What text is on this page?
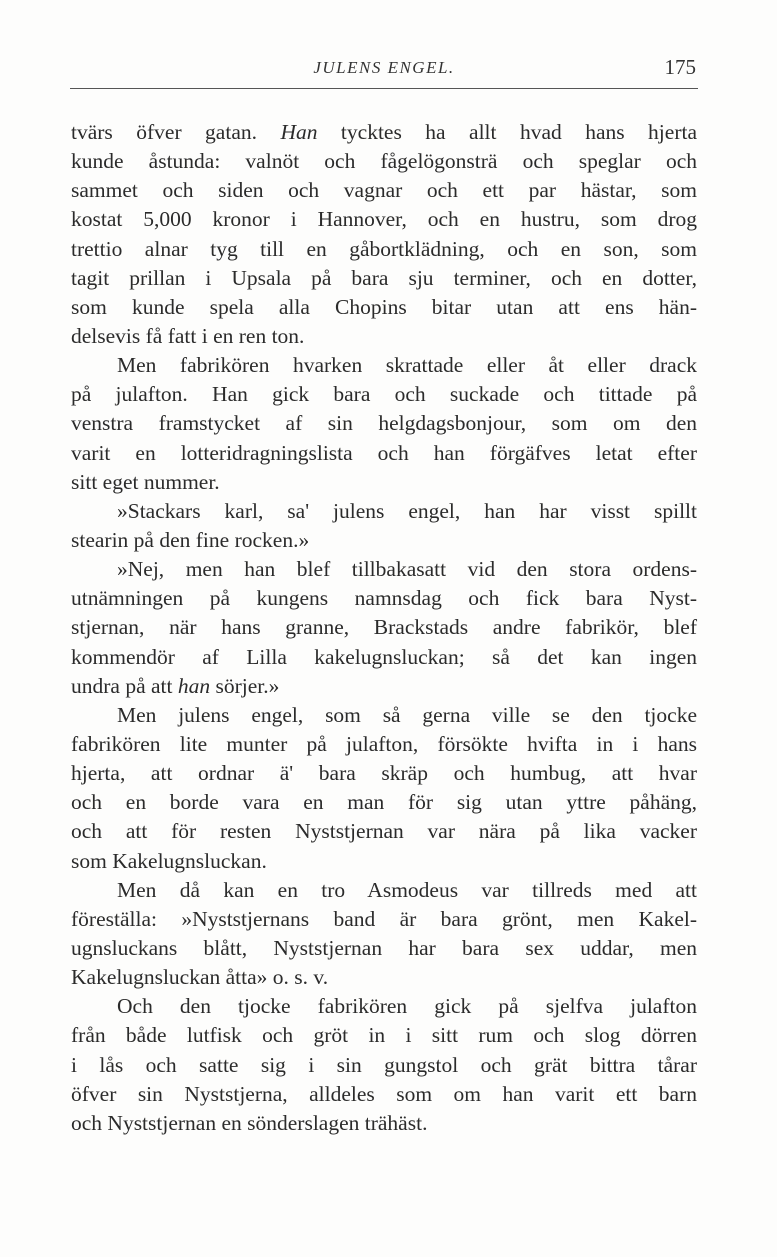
JULENS ENGEL.	175
tvärs öfver gatan. Han tycktes ha allt hvad hans hjerta
kunde åstunda: valnöt och fågelögonsträ och speglar och
sammet och siden och vagnar och ett par hästar, som
kostat 5,000 kronor i Hannover, och en hustru, som drog
trettio alnar tyg till en gåbortklädning, och en son, som
tagit prillan i Upsala på bara sju terminer, och en dotter,
som kunde spela alla Chopins bitar utan att ens hän-
delsevis få fatt i en ren ton.
Men fabrikören hvarken skrattade eller åt eller drack
på julafton. Han gick bara och suckade och tittade på
venstra framstycket af sin helgdagsbonjour, som om den
varit en lotteridragningslista och han förgäfves letat efter
sitt eget nummer.
»Stackars karl, sa' julens engel, han har visst spillt
stearin på den fine rocken.»
»Nej, men han blef tillbakasatt vid den stora ordens-
utnämningen på kungens namnsdag och fick bara Nyst-
stjernan, när hans granne, Brackstads andre fabrikör, blef
kommendör af Lilla kakelugnsluckan; så det kan ingen
undra på att han sörjer.»
Men julens engel, som så gerna ville se den tjocke
fabrikören lite munter på julafton, försökte hvifta in i hans
hjerta, att ordnar ä' bara skräp och humbug, att hvar
och en borde vara en man för sig utan yttre påhäng,
och att för resten Nyststjernan var nära på lika vacker
som Kakelugnsluckan.
Men då kan en tro Asmodeus var tillreds med att
föreställa: »Nyststjernans band är bara grönt, men Kakel-
ugnsluckans blått, Nyststjernan har bara sex uddar, men
Kakelugnsluckan åtta» o. s. v.
Och den tjocke fabrikören gick på sjelfva julafton
från både lutfisk och gröt in i sitt rum och slog dörren
i lås och satte sig i sin gungstol och grät bittra tårar
öfver sin Nyststjerna, alldeles som om han varit ett barn
och Nyststjernan en sönderslagen trähäst.
